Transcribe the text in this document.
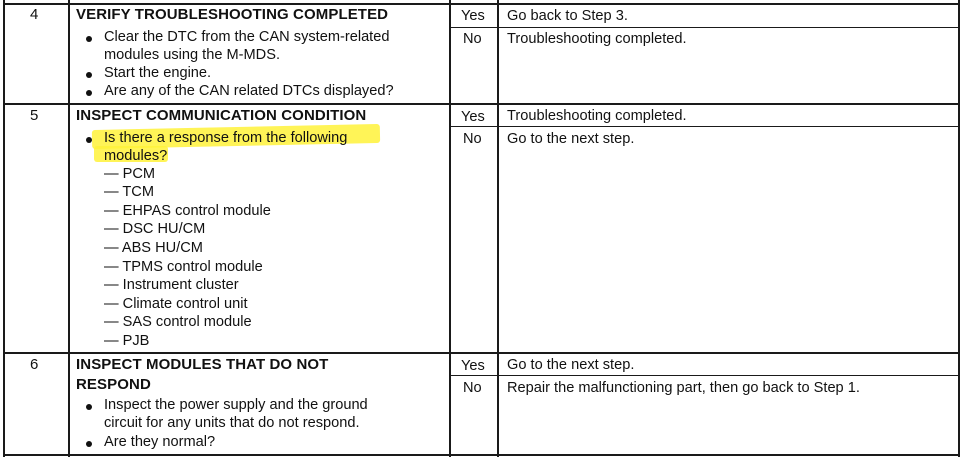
4	VERIFY TROUBLESHOOTING COMPLETED
Clear the DTC from the CAN system-related
modules using the M-MDS.
Start the engine.
Are any of the CAN related DTCs displayed?
Yes Go back to Step 3.
No Troubleshooting completed.
5	INSPECT COMMUNICATION CONDITION
Is there a response from the following
modules?
— PCM
— TCM
— EHPAS control module
— DSC HU/CM
— ABS HU/CM
— TPMS control module
— Instrument cluster
— Climate control unit
— SAS control module
— PJB
Yes Troubleshooting completed.
No Go to the next step.
6	INSPECT MODULES THAT DO NOT
RESPOND
Inspect the power supply and the ground
circuit for any units that do not respond.
Are they normal?
Yes Go to the next step.
No Repair the malfunctioning part, then go back to Step 1.
